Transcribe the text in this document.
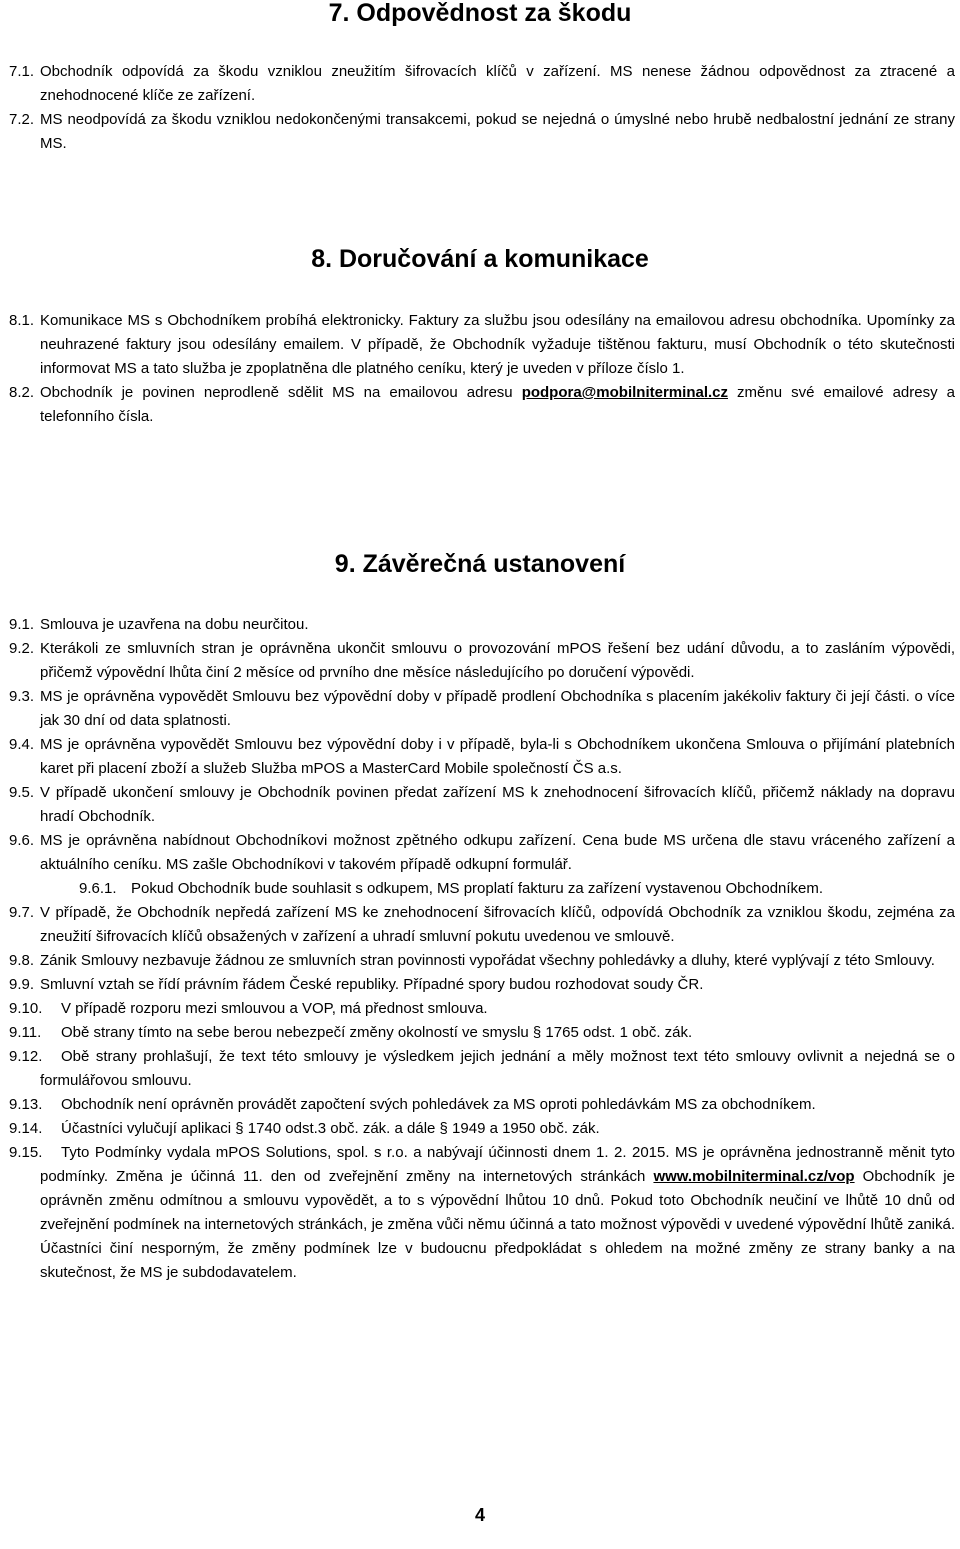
7. Odpovědnost za škodu

7.1. Obchodník odpovídá za škodu vzniklou zneužitím šifrovacích klíčů v zařízení. MS nenese žádnou odpovědnost za ztracené a znehodnocené klíče ze zařízení.

7.2. MS neodpovídá za škodu vzniklou nedokončenými transakcemi, pokud se nejedná o úmyslné nebo hrubě nedbalostní jednání ze strany MS.

8. Doručování a komunikace

8.1. Komunikace MS s Obchodníkem probíhá elektronicky. Faktury za službu jsou odesílány na emailovou adresu obchodníka. Upomínky za neuhrazené faktury jsou odesílány emailem. V případě, že Obchodník vyžaduje tištěnou fakturu, musí Obchodník o této skutečnosti informovat MS a tato služba je zpoplatněna dle platného ceníku, který je uveden v příloze číslo 1.

8.2. Obchodník je povinen neprodleně sdělit MS na emailovou adresu podpora@mobilniterminal.cz změnu své emailové adresy a telefonního čísla.

9. Závěrečná ustanovení

9.1. Smlouva je uzavřena na dobu neurčitou.

9.2. Kterákoli ze smluvních stran je oprávněna ukončit smlouvu o provozování mPOS řešení bez udání důvodu, a to zasláním výpovědi, přičemž výpovědní lhůta činí 2 měsíce od prvního dne měsíce následujícího po doručení výpovědi.

9.3. MS je oprávněna vypovědět Smlouvu bez výpovědní doby v případě prodlení Obchodníka s placením jakékoliv faktury či její části. o více jak 30 dní od data splatnosti.

9.4. MS je oprávněna vypovědět Smlouvu bez výpovědní doby i v případě, byla-li s Obchodníkem ukončena Smlouva o přijímání platebních karet při placení zboží a služeb Služba mPOS a MasterCard Mobile společností ČS a.s.

9.5. V případě ukončení smlouvy je Obchodník povinen předat zařízení MS k znehodnocení šifrovacích klíčů, přičemž náklady na dopravu hradí Obchodník.

9.6. MS je oprávněna nabídnout Obchodníkovi možnost zpětného odkupu zařízení. Cena bude MS určena dle stavu vráceného zařízení a aktuálního ceníku. MS zašle Obchodníkovi v takovém případě odkupní formulář.

9.6.1. Pokud Obchodník bude souhlasit s odkupem, MS proplatí fakturu za zařízení vystavenou Obchodníkem.

9.7. V případě, že Obchodník nepředá zařízení MS ke znehodnocení šifrovacích klíčů, odpovídá Obchodník za vzniklou škodu, zejména za zneužití šifrovacích klíčů obsažených v zařízení a uhradí smluvní pokutu uvedenou ve smlouvě.

9.8. Zánik Smlouvy nezbavuje žádnou ze smluvních stran povinnosti vypořádat všechny pohledávky a dluhy, které vyplývají z této Smlouvy.

9.9. Smluvní vztah se řídí právním řádem České republiky. Případné spory budou rozhodovat soudy ČR.

9.10. V případě rozporu mezi smlouvou a VOP, má přednost smlouva.

9.11. Obě strany tímto na sebe berou nebezpečí změny okolností ve smyslu § 1765 odst. 1 obč. zák.

9.12. Obě strany prohlašují, že text této smlouvy je výsledkem jejich jednání a měly možnost text této smlouvy ovlivnit a nejedná se o formulářovou smlouvu.

9.13. Obchodník není oprávněn provádět započtení svých pohledávek za MS oproti pohledávkám MS za obchodníkem.

9.14. Účastníci vylučují aplikaci § 1740 odst.3 obč. zák. a dále § 1949 a 1950 obč. zák.

9.15. Tyto Podmínky vydala mPOS Solutions, spol. s r.o. a nabývají účinnosti dnem 1. 2. 2015. MS je oprávněna jednostranně měnit tyto podmínky. Změna je účinná 11. den od zveřejnění změny na internetových stránkách www.mobilniterminal.cz/vop Obchodník je oprávněn změnu odmítnou a smlouvu vypovědět, a to s výpovědní lhůtou 10 dnů. Pokud toto Obchodník neučiní ve lhůtě 10 dnů od zveřejnění podmínek na internetových stránkách, je změna vůči němu účinná a tato možnost výpovědi v uvedené výpovědní lhůtě zaniká. Účastníci činí nesporným, že změny podmínek lze v budoucnu předpokládat s ohledem na možné změny ze strany banky a na skutečnost, že MS je subdodavatelem.

4
